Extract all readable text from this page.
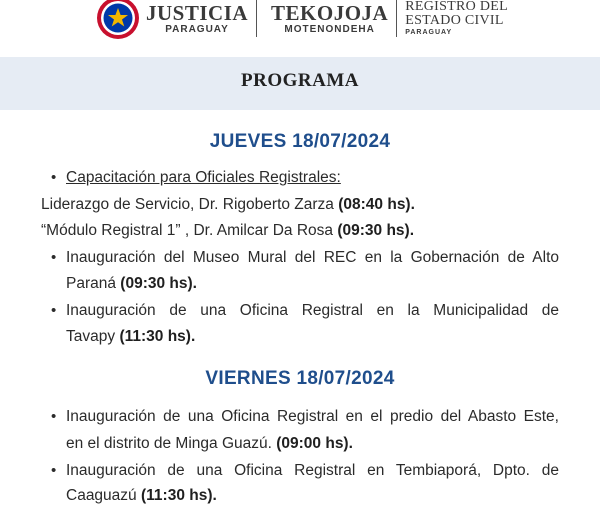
JUSTICIA
PARAGUAY
TEKOJOJA
MOTENONDEHA
REGISTRO DEL
ESTADO CIVIL
PARAGUAY
PROGRAMA
JUEVES 18/07/2024
• Capacitación para Oficiales Registrales:
Liderazgo de Servicio, Dr. Rigoberto Zarza (08:40 hs).
“Módulo Registral 1” , Dr. Amilcar Da Rosa (09:30 hs).
• Inauguración del Museo Mural del REC en la Gobernación de Alto
Paraná (09:30 hs).
• Inauguración de una Oficina Registral en la Municipalidad de
Tavapy (11:30 hs).
VIERNES 18/07/2024
• Inauguración de una Oficina Registral en el predio del Abasto Este,
en el distrito de Minga Guazú. (09:00 hs).
• Inauguración de una Oficina Registral en Tembiaporá, Dpto. de
Caaguazú (11:30 hs).
